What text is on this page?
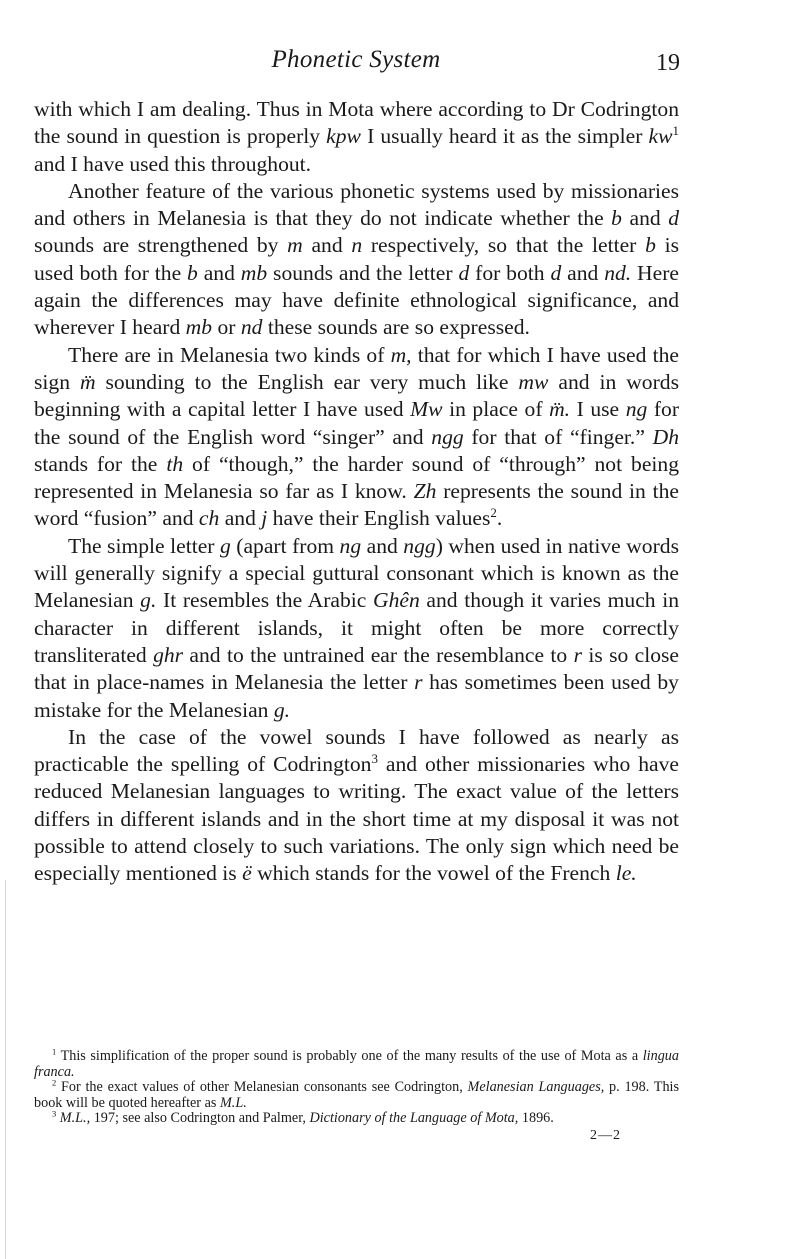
Phonetic System	19

with which I am dealing. Thus in Mota where according to Dr Codrington the sound in question is properly kpw I usually heard it as the simpler $kw^1$ and I have used this throughout.

Another feature of the various phonetic systems used by missionaries and others in Melanesia is that they do not indicate whether the b and d sounds are strengthened by m and n respectively, so that the letter b is used both for the b and mb sounds and the letter d for both d and nd. Here again the differences may have definite ethnological significance, and wherever I heard mb or nd these sounds are so expressed.

There are in Melanesia two kinds of m, that for which I have used the sign m̈ sounding to the English ear very much like mw and in words beginning with a capital letter I have used Mw in place of m̈. I use ng for the sound of the English word “singer” and ngg for that of “finger.” Dh stands for the th of “though,” the harder sound of “through” not being represented in Melanesia so far as I know. Zh represents the sound in the word “fusion” and ch and j have their English values$^2$.

The simple letter g (apart from ng and ngg) when used in native words will generally signify a special guttural consonant which is known as the Melanesian g. It resembles the Arabic Ghên and though it varies much in character in different islands, it might often be more correctly transliterated ghr and to the untrained ear the resemblance to r is so close that in place-names in Melanesia the letter r has sometimes been used by mistake for the Melanesian g.

In the case of the vowel sounds I have followed as nearly as practicable the spelling of Codrington$^3$ and other missionaries who have reduced Melanesian languages to writing. The exact value of the letters differs in different islands and in the short time at my disposal it was not possible to attend closely to such variations. The only sign which need be especially mentioned is ë which stands for the vowel of the French le.

$^1$ This simplification of the proper sound is probably one of the many results of the use of Mota as a lingua franca.

$^2$ For the exact values of other Melanesian consonants see Codrington, Melanesian Languages, p. 198. This book will be quoted hereafter as M.L.

$^3$ M.L., 197; see also Codrington and Palmer, Dictionary of the Language of Mota, 1896.

2—2
